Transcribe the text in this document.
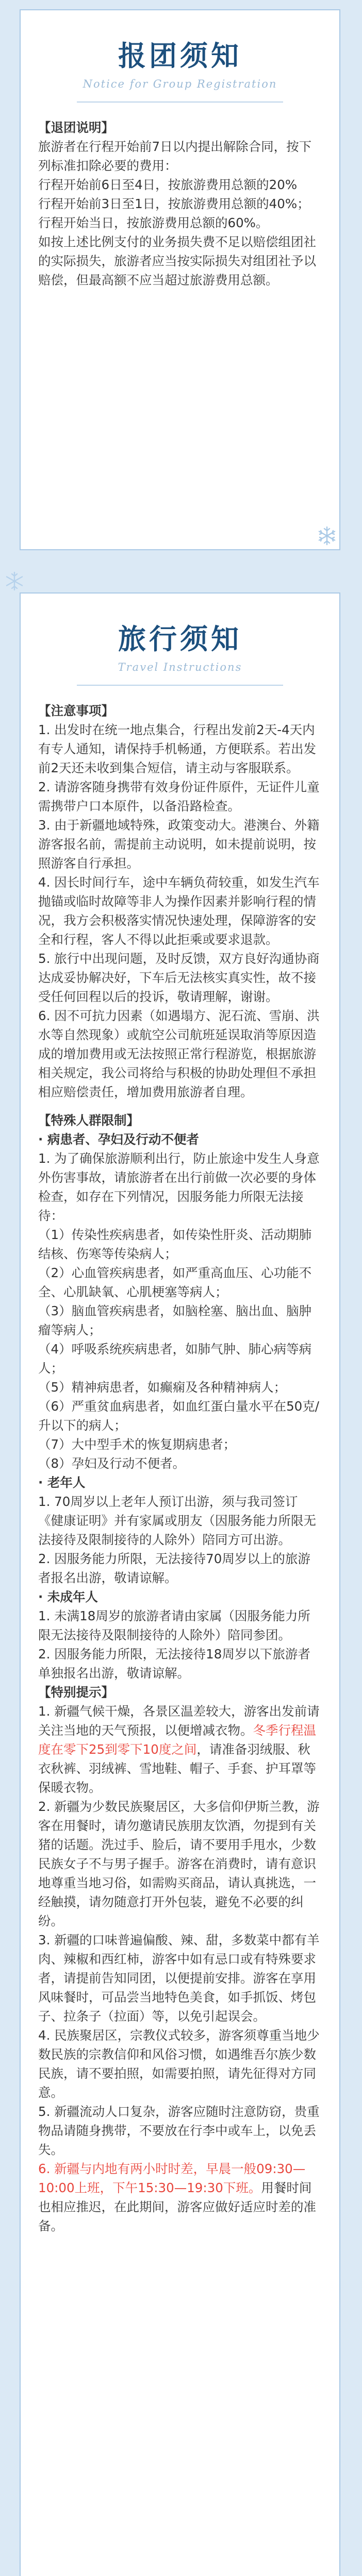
报团须知
Notice for Group Registration

【退团说明】

旅游者在行程开始前7日以内提出解除合同，按下列标准扣除必要的费用：

行程开始前6日至4日，按旅游费用总额的20%

行程开始前3日至1日，按旅游费用总额的40%；

行程开始当日，按旅游费用总额的60%。

如按上述比例支付的业务损失费不足以赔偿组团社的实际损失，旅游者应当按实际损失对组团社予以赔偿，但最高额不应当超过旅游费用总额。

旅行须知
Travel Instructions

【注意事项】

1. 出发时在统一地点集合，行程出发前2天-4天内有专人通知，请保持手机畅通，方便联系。若出发前2天还未收到集合短信，请主动与客服联系。

2. 请游客随身携带有效身份证件原件，无证件儿童需携带户口本原件，以备沿路检查。

3. 由于新疆地域特殊，政策变动大。港澳台、外籍游客报名前，需提前主动说明，如未提前说明，按照游客自行承担。

4. 因长时间行车，途中车辆负荷较重，如发生汽车抛锚或临时故障等非人为操作因素并影响行程的情况，我方会积极落实情况快速处理，保障游客的安全和行程，客人不得以此拒乘或要求退款。

5. 旅行中出现问题，及时反馈，双方良好沟通协商达成妥协解决好，下车后无法核实真实性，故不接受任何回程以后的投诉，敬请理解，谢谢。

6. 因不可抗力因素（如遇塌方、泥石流、雪崩、洪水等自然现象）或航空公司航班延误取消等原因造成的增加费用或无法按照正常行程游览，根据旅游相关规定，我公司将给与积极的协助处理但不承担相应赔偿责任，增加费用旅游者自理。

【特殊人群限制】

· 病患者、孕妇及行动不便者

1. 为了确保旅游顺利出行，防止旅途中发生人身意外伤害事故，请旅游者在出行前做一次必要的身体检查，如存在下列情况，因服务能力所限无法接待：

（1）传染性疾病患者，如传染性肝炎、活动期肺结核、伤寒等传染病人；

（2）心血管疾病患者，如严重高血压、心功能不全、心肌缺氧、心肌梗塞等病人；

（3）脑血管疾病患者，如脑栓塞、脑出血、脑肿瘤等病人；

（4）呼吸系统疾病患者，如肺气肿、肺心病等病人；

（5）精神病患者，如癫痫及各种精神病人；

（6）严重贫血病患者，如血红蛋白量水平在50克/升以下的病人；

（7）大中型手术的恢复期病患者；

（8）孕妇及行动不便者。

· 老年人

1. 70周岁以上老年人预订出游，须与我司签订《健康证明》并有家属或朋友（因服务能力所限无法接待及限制接待的人除外）陪同方可出游。

2. 因服务能力所限，无法接待70周岁以上的旅游者报名出游，敬请谅解。

· 未成年人

1. 未满18周岁的旅游者请由家属（因服务能力所限无法接待及限制接待的人除外）陪同参团。

2. 因服务能力所限，无法接待18周岁以下旅游者单独报名出游，敬请谅解。

【特别提示】

1. 新疆气候干燥，各景区温差较大，游客出发前请关注当地的天气预报，以便增减衣物。冬季行程温度在零下25到零下10度之间，请准备羽绒服、秋衣秋裤、羽绒裤、雪地鞋、帽子、手套、护耳罩等保暖衣物。

2. 新疆为少数民族聚居区，大多信仰伊斯兰教，游客在用餐时，请勿邀请民族朋友饮酒，勿提到有关猪的话题。洗过手、脸后，请不要用手甩水，少数民族女子不与男子握手。游客在消费时，请有意识地尊重当地习俗，如需购买商品，请认真挑选，一经触摸，请勿随意打开外包装，避免不必要的纠纷。

3. 新疆的口味普遍偏酸、辣、甜，多数菜中都有羊肉、辣椒和西红柿，游客中如有忌口或有特殊要求者，请提前告知同团，以便提前安排。游客在享用风味餐时，可品尝当地特色美食，如手抓饭、烤包子、拉条子（拉面）等，以免引起误会。

4. 民族聚居区，宗教仪式较多，游客须尊重当地少数民族的宗教信仰和风俗习惯，如遇维吾尔族少数民族，请不要拍照，如需要拍照，请先征得对方同意。

5. 新疆流动人口复杂，游客应随时注意防窃，贵重物品请随身携带，不要放在行李中或车上，以免丢失。

6. 新疆与内地有两小时时差，早晨一般09:30—10:00上班，下午15:30—19:30下班。用餐时间也相应推迟，在此期间，游客应做好适应时差的准备。
